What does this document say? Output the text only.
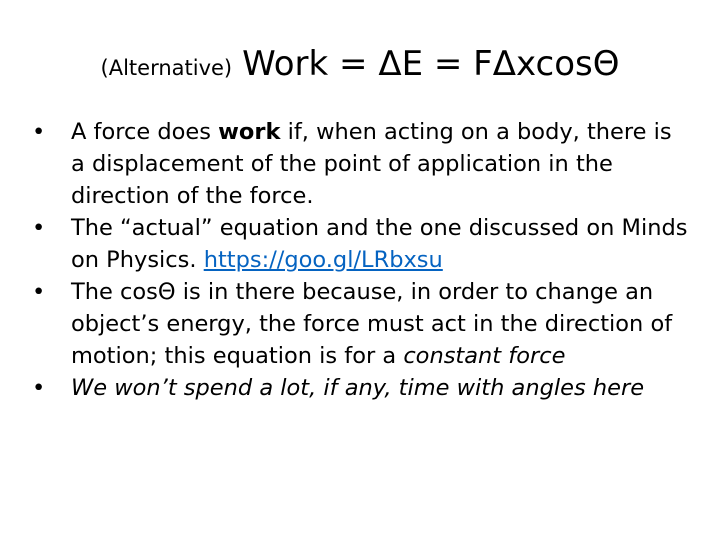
(Alternative) Work = ΔE = FΔxcosΘ
• A force does work if, when acting on a body, there is a displacement of the point of application in the direction of the force.
• The “actual” equation and the one discussed on Minds on Physics. https://goo.gl/LRbxsu
• The cosΘ is in there because, in order to change an object’s energy, the force must act in the direction of motion; this equation is for a constant force
• We won’t spend a lot, if any, time with angles here
